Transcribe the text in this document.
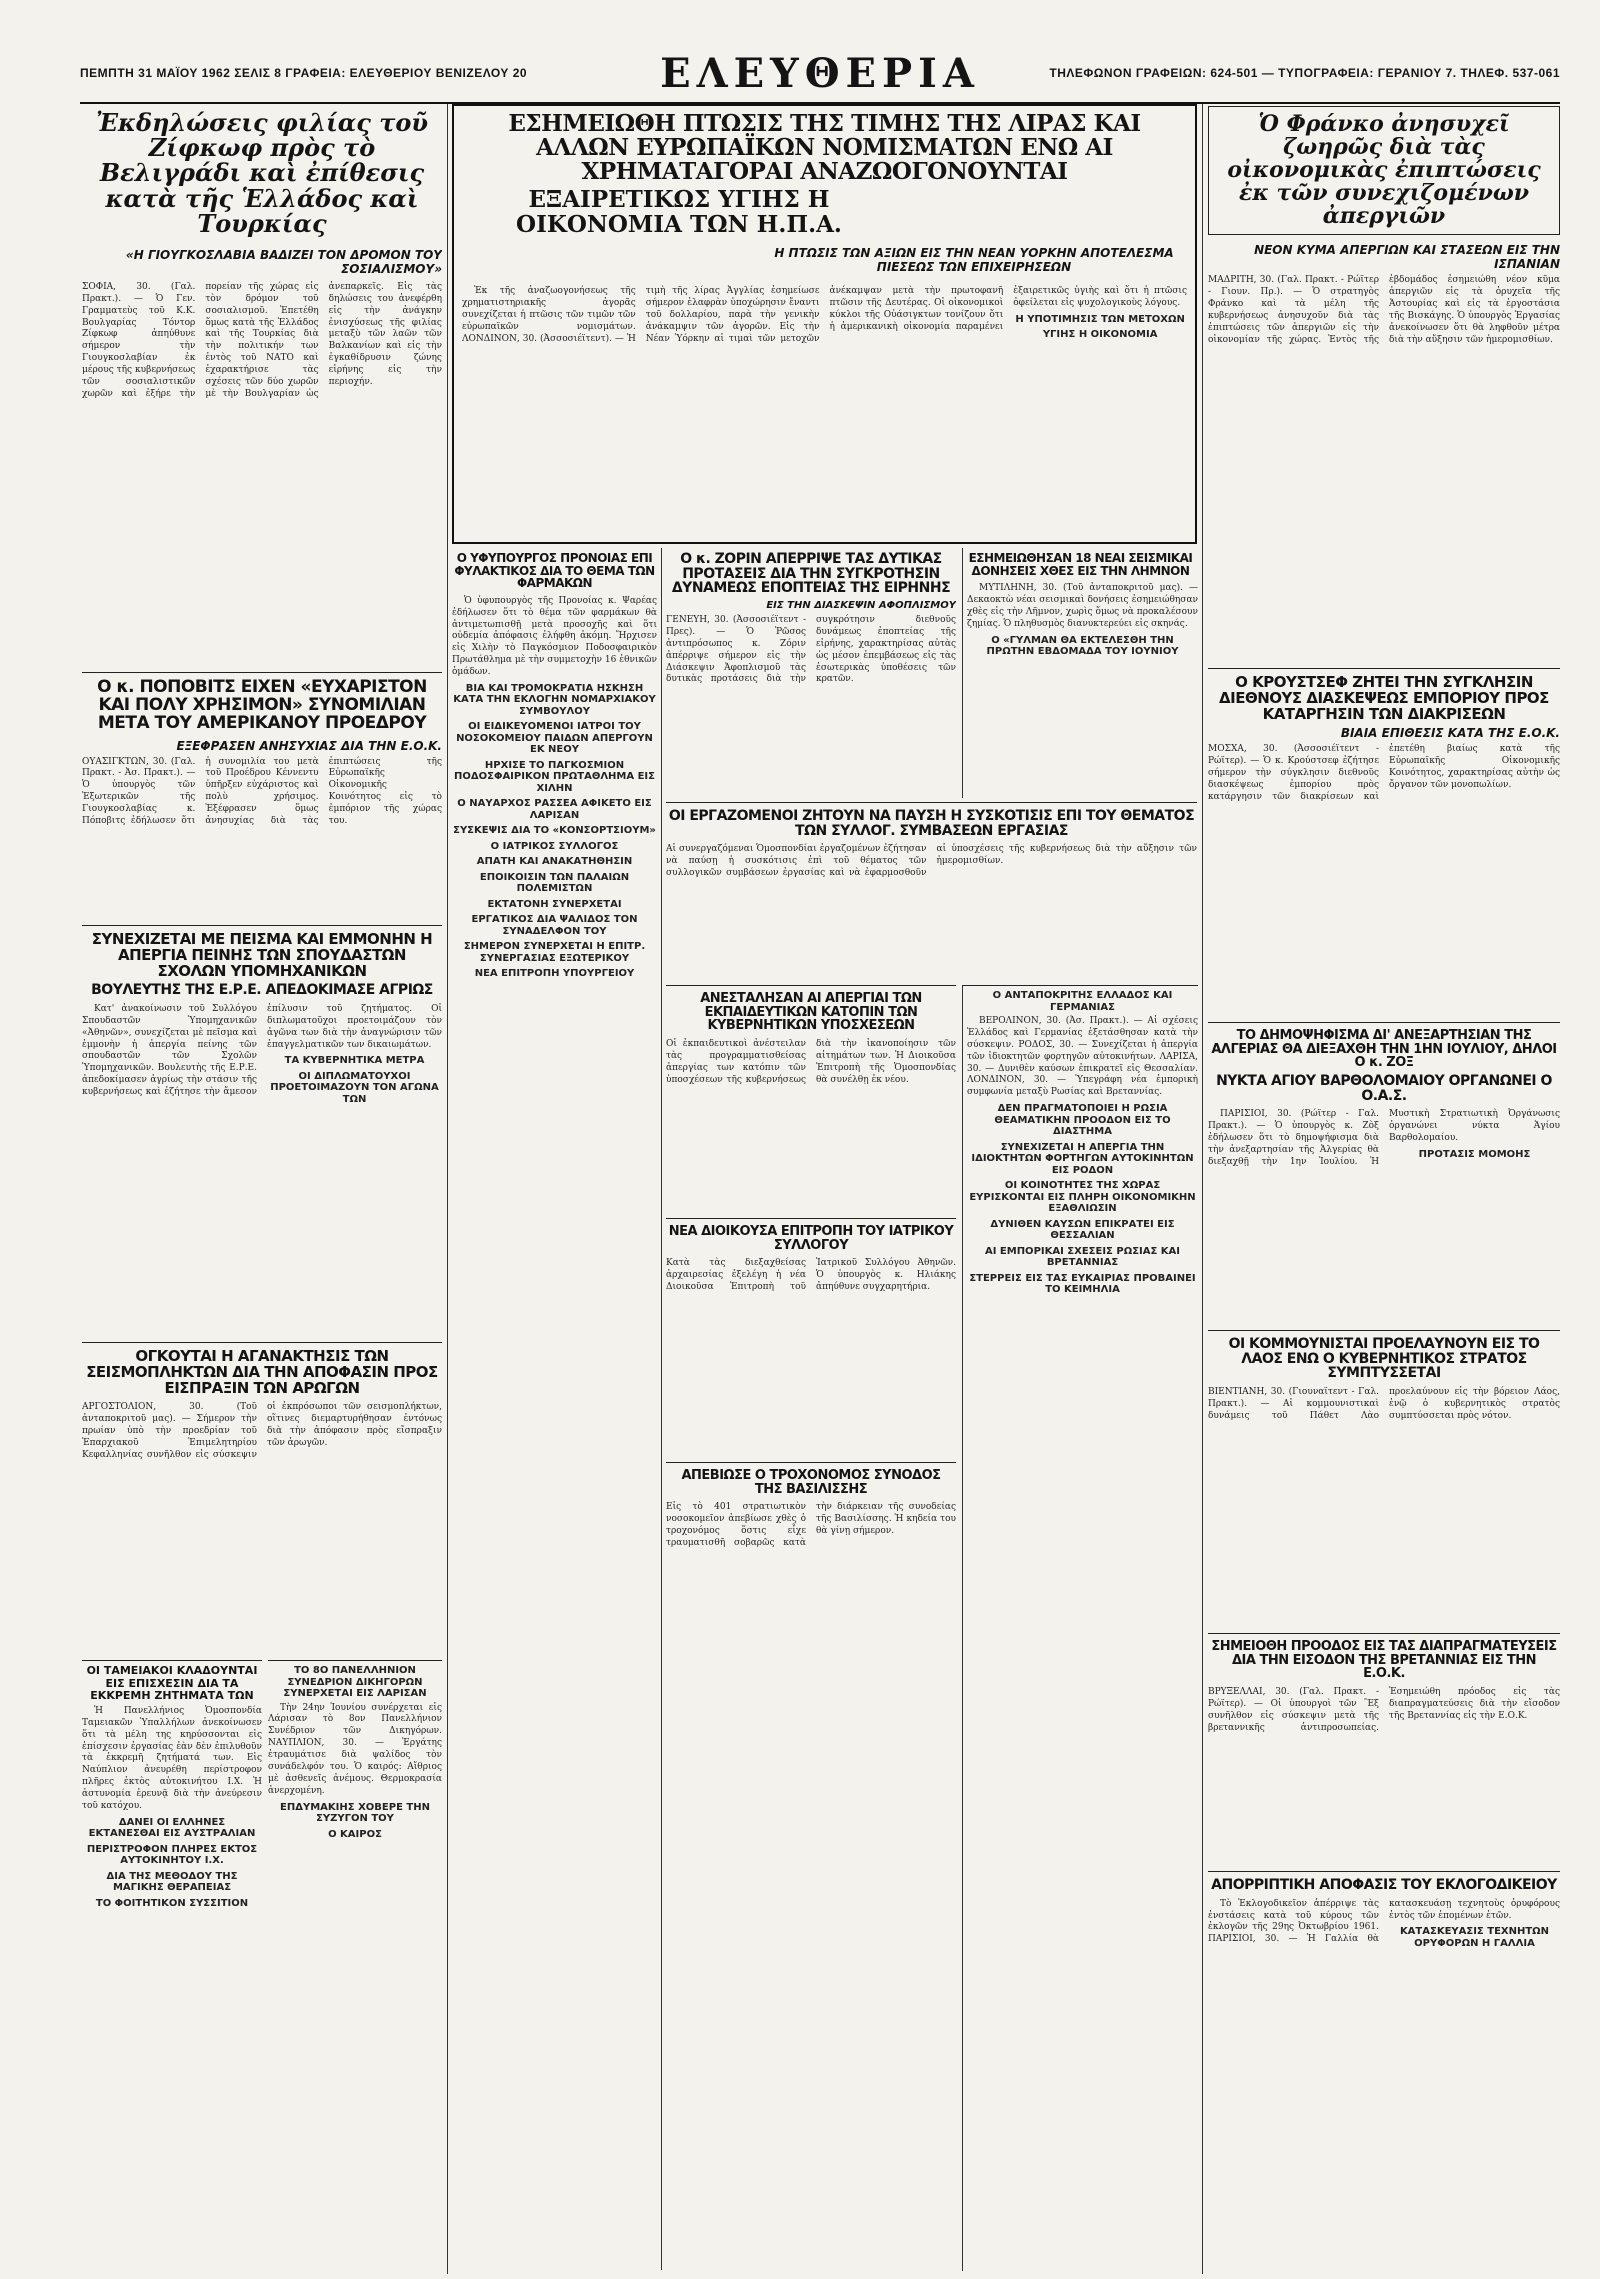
ΠΕΜΠΤΗ 31 ΜΑΪΟΥ 1962 ΣΕΛΙΣ 8 ΓΡΑΦΕΙΑ: ΕΛΕΥΘΕΡΙΟΥ ΒΕΝΙΖΕΛΟΥ 20	ΕΛΕΥΘΕΡΙΑ	ΤΗΛΕΦΩΝΟΝ ΓΡΑΦΕΙΩΝ: 624-501 — ΤΥΠΟΓΡΑΦΕΙΑ: ΓΕΡΑΝΙΟΥ 7. ΤΗΛΕΦ. 537-061
Ἐκδηλώσεις φιλίας τοῦ Ζίφκωφ πρὸς τὸ Βελιγράδι καὶ ἐπίθεσις κατὰ τῆς Ἑλλάδος καὶ Τουρκίας
«Η ΓΙΟΥΓΚΟΣΛΑΒΙΑ ΒΑΔΙΖΕΙ ΤΟΝ ΔΡΟΜΟΝ ΤΟΥ ΣΟΣΙΑΛΙΣΜΟΥ»
ΣΟΦΙΑ, 30. (Γαλ. Πρακτ.). — Ὁ Γεν. Γραμματεὺς τοῦ Κ.Κ. Βουλγαρίας Τόντορ Ζίφκωφ ἀπηύθυνε σήμερον τὴν Γιουγκοσλαβίαν ἐκ μέρους τῆς κυβερνήσεως τῶν σοσιαλιστικῶν χωρῶν καὶ ἐξήρε τὴν πορείαν τῆς χώρας εἰς τὸν δρόμον τοῦ σοσιαλισμοῦ. Ἐπετέθη ὅμως κατὰ τῆς Ἑλλάδος καὶ τῆς Τουρκίας διὰ τὴν πολιτικήν των ἐντὸς τοῦ ΝΑΤΟ καὶ ἐχαρακτήρισε τὰς σχέσεις τῶν δύο χωρῶν μὲ τὴν Βουλγαρίαν ὡς ἀνεπαρκεῖς. Εἰς τὰς δηλώσεις του ἀνεφέρθη εἰς τὴν ἀνάγκην ἐνισχύσεως τῆς φιλίας μεταξὺ τῶν λαῶν τῶν Βαλκανίων καὶ εἰς τὴν ἐγκαθίδρυσιν ζώνης εἰρήνης εἰς τὴν περιοχήν.
Ο κ. ΠΟΠΟΒΙΤΣ ΕΙΧΕΝ «ΕΥΧΑΡΙΣΤΟΝ ΚΑΙ ΠΟΛΥ ΧΡΗΣΙΜΟΝ» ΣΥΝΟΜΙΛΙΑΝ ΜΕΤΑ ΤΟΥ ΑΜΕΡΙΚΑΝΟΥ ΠΡΟΕΔΡΟΥ
ΕΞΕΦΡΑΣΕΝ ΑΝΗΣΥΧΙΑΣ ΔΙΑ ΤΗΝ Ε.Ο.Κ.
ΟΥΑΣΙΓΚΤΩΝ, 30. (Γαλ. Πρακτ. - Ἀσ. Πρακτ.). — Ὁ ὑπουργὸς τῶν Ἐξωτερικῶν τῆς Γιουγκοσλαβίας κ. Πόποβιτς ἐδήλωσεν ὅτι ἡ συνομιλία του μετὰ τοῦ Προέδρου Κέννεντυ ὑπῆρξεν εὐχάριστος καὶ πολὺ χρήσιμος. Ἐξέφρασεν ὅμως ἀνησυχίας διὰ τὰς ἐπιπτώσεις τῆς Εὐρωπαϊκῆς Οἰκονομικῆς Κοινότητος εἰς τὸ ἐμπόριον τῆς χώρας του.
ΣΥΝΕΧΙΖΕΤΑΙ ΜΕ ΠΕΙΣΜΑ ΚΑΙ ΕΜΜΟΝΗΝ Η ΑΠΕΡΓΙΑ ΠΕΙΝΗΣ ΤΩΝ ΣΠΟΥΔΑΣΤΩΝ ΣΧΟΛΩΝ ΥΠΟΜΗΧΑΝΙΚΩΝ
ΒΟΥΛΕΥΤΗΣ ΤΗΣ Ε.Ρ.Ε. ΑΠΕΔΟΚΙΜΑΣΕ ΑΓΡΙΩΣ

Κατ' ἀνακοίνωσιν τοῦ Συλλόγου Σπουδαστῶν Ὑπομηχανικῶν «Ἀθηνῶν», συνεχίζεται μὲ πεῖσμα καὶ ἐμμονὴν ἡ ἀπεργία πείνης τῶν σπουδαστῶν τῶν Σχολῶν Ὑπομηχανικῶν. Βουλευτὴς τῆς Ε.Ρ.Ε. ἀπεδοκίμασεν ἀγρίως τὴν στάσιν τῆς κυβερνήσεως καὶ ἐζήτησε τὴν ἄμεσον ἐπίλυσιν τοῦ ζητήματος. Οἱ διπλωματοῦχοι προετοιμάζουν τὸν ἀγῶνα των διὰ τὴν ἀναγνώρισιν τῶν ἐπαγγελματικῶν των δικαιωμάτων.

ΤΑ ΚΥΒΕΡΝΗΤΙΚΑ ΜΕΤΡΑ
ΟΙ ΔΙΠΛΩΜΑΤΟΥΧΟΙ ΠΡΟΕΤΟΙΜΑΖΟΥΝ ΤΟΝ ΑΓΩΝΑ ΤΩΝ
ΟΓΚΟΥΤΑΙ Η ΑΓΑΝΑΚΤΗΣΙΣ ΤΩΝ ΣΕΙΣΜΟΠΛΗΚΤΩΝ ΔΙΑ ΤΗΝ ΑΠΟΦΑΣΙΝ ΠΡΟΣ ΕΙΣΠΡΑΞΙΝ ΤΩΝ ΑΡΩΓΩΝ
ΑΡΓΟΣΤΟΛΙΟΝ, 30. (Τοῦ ἀνταποκριτοῦ μας). — Σήμερον τὴν πρωίαν ὑπὸ τὴν προεδρίαν τοῦ Ἐπαρχιακοῦ Ἐπιμελητηρίου Κεφαλληνίας συνῆλθον εἰς σύσκεψιν οἱ ἐκπρόσωποι τῶν σεισμοπλήκτων, οἵτινες διεμαρτυρήθησαν ἐντόνως διὰ τὴν ἀπόφασιν πρὸς εἴσπραξιν τῶν ἀρωγῶν.
ΟΙ ΤΑΜΕΙΑΚΟΙ ΚΛΑΔΟΥΝΤΑΙ ΕΙΣ ΕΠΙΣΧΕΣΙΝ ΔΙΑ ΤΑ ΕΚΚΡΕΜΗ ΖΗΤΗΜΑΤΑ ΤΩΝ

Ἡ Πανελλήνιος Ὁμοσπονδία Ταμειακῶν Ὑπαλλήλων ἀνεκοίνωσεν ὅτι τὰ μέλη της κηρύσσονται εἰς ἐπίσχεσιν ἐργασίας ἐὰν δὲν ἐπιλυθοῦν τὰ ἐκκρεμῆ ζητήματά των. Εἰς Ναύπλιον ἀνευρέθη περίστροφον πλῆρες ἐκτὸς αὐτοκινήτου Ι.Χ. Ἡ ἀστυνομία ἐρευνᾷ διὰ τὴν ἀνεύρεσιν τοῦ κατόχου.

ΔΑΝΕΙ ΟΙ ΕΛΛΗΝΕΣ ΕΚΤΑΝΕΣΘΑΙ ΕΙΣ ΑΥΣΤΡΑΛΙΑΝ
ΠΕΡΙΣΤΡΟΦΟΝ ΠΛΗΡΕΣ ΕΚΤΟΣ ΑΥΤΟΚΙΝΗΤΟΥ Ι.Χ.
ΔΙΑ ΤΗΣ ΜΕΘΟΔΟΥ ΤΗΣ ΜΑΓΙΚΗΣ ΘΕΡΑΠΕΙΑΣ
ΤΟ ΦΟΙΤΗΤΙΚΟΝ ΣΥΣΣΙΤΙΟΝ
ΤΟ 8Ο ΠΑΝΕΛΛΗΝΙΟΝ ΣΥΝΕΔΡΙΟΝ ΔΙΚΗΓΟΡΩΝ ΣΥΝΕΡΧΕΤΑΙ ΕΙΣ ΛΑΡΙΣΑΝ

Τὴν 24ην Ἰουνίου συνέρχεται εἰς Λάρισαν τὸ 8ον Πανελλήνιον Συνέδριον τῶν Δικηγόρων. ΝΑΥΠΛΙΟΝ, 30. — Ἐργάτης ἐτραυμάτισε διὰ ψαλίδος τὸν συνάδελφόν του. Ὁ καιρός: Αἴθριος μὲ ἀσθενεῖς ἀνέμους. Θερμοκρασία ἀνερχομένη.

ΕΠΔΥΜΑΚΙΗΣ ΧΟΒΕΡΕ ΤΗΝ ΣΥΖΥΓΟΝ ΤΟΥ
Ο ΚΑΙΡΟΣ
ΕΣΗΜΕΙΩΘΗ ΠΤΩΣΙΣ ΤΗΣ ΤΙΜΗΣ ΤΗΣ ΛΙΡΑΣ ΚΑΙ ΑΛΛΩΝ ΕΥΡΩΠΑΪΚΩΝ ΝΟΜΙΣΜΑΤΩΝ ΕΝΩ ΑΙ ΧΡΗΜΑΤΑΓΟΡΑΙ ΑΝΑΖΩΟΓΟΝΟΥΝΤΑΙ
ΕΞΑΙΡΕΤΙΚΩΣ ΥΓΙΗΣ Η ΟΙΚΟΝΟΜΙΑ ΤΩΝ Η.Π.Α.
Η ΠΤΩΣΙΣ ΤΩΝ ΑΞΙΩΝ ΕΙΣ ΤΗΝ ΝΕΑΝ ΥΟΡΚΗΝ ΑΠΟΤΕΛΕΣΜΑ ΠΙΕΣΕΩΣ ΤΩΝ ΕΠΙΧΕΙΡΗΣΕΩΝ

Ἐκ τῆς ἀναζωογονήσεως τῆς χρηματιστηριακῆς ἀγορᾶς συνεχίζεται ἡ πτῶσις τῶν τιμῶν τῶν εὐρωπαϊκῶν νομισμάτων. ΛΟΝΔΙΝΟΝ, 30. (Ἀσσοσιέϊτεντ). — Ἡ τιμὴ τῆς λίρας Ἀγγλίας ἐσημείωσε σήμερον ἐλαφρὰν ὑποχώρησιν ἔναντι τοῦ δολλαρίου, παρὰ τὴν γενικὴν ἀνάκαμψιν τῶν ἀγορῶν. Εἰς τὴν Νέαν Ὑόρκην αἱ τιμαὶ τῶν μετοχῶν ἀνέκαμψαν μετὰ τὴν πρωτοφανῆ πτῶσιν τῆς Δευτέρας. Οἱ οἰκονομικοὶ κύκλοι τῆς Οὐάσιγκτων τονίζουν ὅτι ἡ ἀμερικανικὴ οἰκονομία παραμένει ἐξαιρετικῶς ὑγιὴς καὶ ὅτι ἡ πτῶσις ὀφείλεται εἰς ψυχολογικοὺς λόγους.

Η ΥΠΟΤΙΜΗΣΙΣ ΤΩΝ ΜΕΤΟΧΩΝ
ΥΓΙΗΣ Η ΟΙΚΟΝΟΜΙΑ
Ο ΥΦΥΠΟΥΡΓΟΣ ΠΡΟΝΟΙΑΣ ΕΠΙ ΦΥΛΑΚΤΙΚΟΣ ΔΙΑ ΤΟ ΘΕΜΑ ΤΩΝ ΦΑΡΜΑΚΩΝ

Ὁ ὑφυπουργὸς τῆς Προνοίας κ. Ψαρέας ἐδήλωσεν ὅτι τὸ θέμα τῶν φαρμάκων θὰ ἀντιμετωπισθῇ μετὰ προσοχῆς καὶ ὅτι οὐδεμία ἀπόφασις ἐλήφθη ἀκόμη. Ἤρχισεν εἰς Χιλὴν τὸ Παγκόσμιον Ποδοσφαιρικὸν Πρωτάθλημα μὲ τὴν συμμετοχὴν 16 ἐθνικῶν ὁμάδων.

ΒΙΑ ΚΑΙ ΤΡΟΜΟΚΡΑΤΙΑ ΗΣΚΗΣΗ ΚΑΤΑ ΤΗΝ ΕΚΛΟΓΗΝ ΝΟΜΑΡΧΙΑΚΟΥ ΣΥΜΒΟΥΛΟΥ
ΟΙ ΕΙΔΙΚΕΥΟΜΕΝΟΙ ΙΑΤΡΟΙ ΤΟΥ ΝΟΣΟΚΟΜΕΙΟΥ ΠΑΙΔΩΝ ΑΠΕΡΓΟΥΝ ΕΚ ΝΕΟΥ
ΗΡΧΙΣΕ ΤΟ ΠΑΓΚΟΣΜΙΟΝ ΠΟΔΟΣΦΑΙΡΙΚΟΝ ΠΡΩΤΑΘΛΗΜΑ ΕΙΣ ΧΙΛΗΝ
Ο ΝΑΥΑΡΧΟΣ ΡΑΣΣΕΑ ΑΦΙΚΕΤΟ ΕΙΣ ΛΑΡΙΣΑΝ
ΣΥΣΚΕΨΙΣ ΔΙΑ ΤΟ «ΚΟΝΣΟΡΤΣΙΟΥΜ»
Ο ΙΑΤΡΙΚΟΣ ΣΥΛΛΟΓΟΣ
ΑΠΑΤΗ ΚΑΙ ΑΝΑΚΑΤΗΘΗΣΙΝ
ΕΠΟΙΚΟΙΣΙΝ ΤΩΝ ΠΑΛΑΙΩΝ ΠΟΛΕΜΙΣΤΩΝ
ΕΚΤΑΤΟΝΗ ΣΥΝΕΡΧΕΤΑΙ
ΕΡΓΑΤΙΚΟΣ ΔΙΑ ΨΑΛΙΔΟΣ ΤΟΝ ΣΥΝΑΔΕΛΦΟΝ ΤΟΥ
ΣΗΜΕΡΟΝ ΣΥΝΕΡΧΕΤΑΙ Η ΕΠΙΤΡ. ΣΥΝΕΡΓΑΣΙΑΣ ΕΞΩΤΕΡΙΚΟΥ
ΝΕΑ ΕΠΙΤΡΟΠΗ ΥΠΟΥΡΓΕΙΟΥ
Ο κ. ΖΟΡΙΝ ΑΠΕΡΡΙΨΕ ΤΑΣ ΔΥΤΙΚΑΣ ΠΡΟΤΑΣΕΙΣ ΔΙΑ ΤΗΝ ΣΥΓΚΡΟΤΗΣΙΝ ΔΥΝΑΜΕΩΣ ΕΠΟΠΤΕΙΑΣ ΤΗΣ ΕΙΡΗΝΗΣ
ΕΙΣ ΤΗΝ ΔΙΑΣΚΕΨΙΝ ΑΦΟΠΛΙΣΜΟΥ
ΓΕΝΕΥΗ, 30. (Ἀσσοσιέϊτεντ - Πρες). — Ὁ Ῥῶσος ἀντιπρόσωπος κ. Ζόριν ἀπέρριψε σήμερον εἰς τὴν Διάσκεψιν Ἀφοπλισμοῦ τὰς δυτικὰς προτάσεις διὰ τὴν συγκρότησιν διεθνοῦς δυνάμεως ἐποπτείας τῆς εἰρήνης, χαρακτηρίσας αὐτὰς ὡς μέσον ἐπεμβάσεως εἰς τὰς ἐσωτερικὰς ὑποθέσεις τῶν κρατῶν.
ΕΣΗΜΕΙΩΘΗΣΑΝ 18 ΝΕΑΙ ΣΕΙΣΜΙΚΑΙ ΔΟΝΗΣΕΙΣ ΧΘΕΣ ΕΙΣ ΤΗΝ ΛΗΜΝΟΝ

ΜΥΤΙΛΗΝΗ, 30. (Τοῦ ἀνταποκριτοῦ μας). — Δεκαοκτὼ νέαι σεισμικαὶ δονήσεις ἐσημειώθησαν χθὲς εἰς τὴν Λῆμνον, χωρὶς ὅμως νὰ προκαλέσουν ζημίας. Ὁ πληθυσμὸς διανυκτερεύει εἰς σκηνάς.

Ο «ΓΥΛΜΑΝ ΘΑ ΕΚΤΕΛΕΣΘΗ ΤΗΝ ΠΡΩΤΗΝ ΕΒΔΟΜΑΔΑ ΤΟΥ ΙΟΥΝΙΟΥ
ΟΙ ΕΡΓΑΖΟΜΕΝΟΙ ΖΗΤΟΥΝ ΝΑ ΠΑΥΣΗ Η ΣΥΣΚΟΤΙΣΙΣ ΕΠΙ ΤΟΥ ΘΕΜΑΤΟΣ ΤΩΝ ΣΥΛΛΟΓ. ΣΥΜΒΑΣΕΩΝ ΕΡΓΑΣΙΑΣ
Αἱ συνεργαζόμεναι Ὁμοσπονδίαι ἐργαζομένων ἐζήτησαν νὰ παύσῃ ἡ συσκότισις ἐπὶ τοῦ θέματος τῶν συλλογικῶν συμβάσεων ἐργασίας καὶ νὰ ἐφαρμοσθοῦν αἱ ὑποσχέσεις τῆς κυβερνήσεως διὰ τὴν αὔξησιν τῶν ἡμερομισθίων.
ΑΝΕΣΤΑΛΗΣΑΝ ΑΙ ΑΠΕΡΓΙΑΙ ΤΩΝ ΕΚΠΑΙΔΕΥΤΙΚΩΝ ΚΑΤΟΠΙΝ ΤΩΝ ΚΥΒΕΡΝΗΤΙΚΩΝ ΥΠΟΣΧΕΣΕΩΝ
Οἱ ἐκπαιδευτικοὶ ἀνέστειλαν τὰς προγραμματισθείσας ἀπεργίας των κατόπιν τῶν ὑποσχέσεων τῆς κυβερνήσεως διὰ τὴν ἱκανοποίησιν τῶν αἰτημάτων των. Ἡ Διοικοῦσα Ἐπιτροπὴ τῆς Ὁμοσπονδίας θὰ συνέλθῃ ἐκ νέου.
ΝΕΑ ΔΙΟΙΚΟΥΣΑ ΕΠΙΤΡΟΠΗ ΤΟΥ ΙΑΤΡΙΚΟΥ ΣΥΛΛΟΓΟΥ
Κατὰ τὰς διεξαχθείσας ἀρχαιρεσίας ἐξελέγη ἡ νέα Διοικοῦσα Ἐπιτροπὴ τοῦ Ἰατρικοῦ Συλλόγου Ἀθηνῶν. Ὁ ὑπουργὸς κ. Ηλιάκης ἀπηύθυνε συγχαρητήρια.
ΑΠΕΒΙΩΣΕ Ο ΤΡΟΧΟΝΟΜΟΣ ΣΥΝΟΔΟΣ ΤΗΣ ΒΑΣΙΛΙΣΣΗΣ
Εἰς τὸ 401 στρατιωτικὸν νοσοκομεῖον ἀπεβίωσε χθὲς ὁ τροχονόμος ὅστις εἶχε τραυματισθῆ σοβαρῶς κατὰ τὴν διάρκειαν τῆς συνοδείας τῆς Βασιλίσσης. Ἡ κηδεία του θὰ γίνῃ σήμερον.
Ο ΑΝΤΑΠΟΚΡΙΤΗΣ ΕΛΛΑΔΟΣ ΚΑΙ ΓΕΡΜΑΝΙΑΣ

ΒΕΡΟΛΙΝΟΝ, 30. (Ἀσ. Πρακτ.). — Αἱ σχέσεις Ἑλλάδος καὶ Γερμανίας ἐξετάσθησαν κατὰ τὴν σύσκεψιν. ΡΟΔΟΣ, 30. — Συνεχίζεται ἡ ἀπεργία τῶν ἰδιοκτητῶν φορτηγῶν αὐτοκινήτων. ΛΑΡΙΣΑ, 30. — Δυνιθὲν καύσων ἐπικρατεῖ εἰς Θεσσαλίαν. ΛΟΝΔΙΝΟΝ, 30. — Ὑπεγράφη νέα ἐμπορικὴ συμφωνία μεταξὺ Ρωσίας καὶ Βρεταννίας.

ΔΕΝ ΠΡΑΓΜΑΤΟΠΟΙΕΙ Η ΡΩΣΙΑ ΘΕΑΜΑΤΙΚΗΝ ΠΡΟΟΔΟΝ ΕΙΣ ΤΟ ΔΙΑΣΤΗΜΑ
ΣΥΝΕΧΙΖΕΤΑΙ Η ΑΠΕΡΓΙΑ ΤΗΝ ΙΔΙΟΚΤΗΤΩΝ ΦΟΡΤΗΓΩΝ ΑΥΤΟΚΙΝΗΤΩΝ ΕΙΣ ΡΟΔΟΝ
ΟΙ ΚΟΙΝΟΤΗΤΕΣ ΤΗΣ ΧΩΡΑΣ ΕΥΡΙΣΚΟΝΤΑΙ ΕΙΣ ΠΛΗΡΗ ΟΙΚΟΝΟΜΙΚΗΝ ΕΞΑΘΛΙΩΣΙΝ
ΔΥΝΙΘΕΝ ΚΑΥΣΩΝ ΕΠΙΚΡΑΤΕΙ ΕΙΣ ΘΕΣΣΑΛΙΑΝ
ΑΙ ΕΜΠΟΡΙΚΑΙ ΣΧΕΣΕΙΣ ΡΩΣΙΑΣ ΚΑΙ ΒΡΕΤΑΝΝΙΑΣ
ΣΤΕΡΡΕΙΣ ΕΙΣ ΤΑΣ ΕΥΚΑΙΡΙΑΣ ΠΡΟΒΑΙΝΕΙ ΤΟ ΚΕΙΜΗΛΙΑ
Ὁ Φράνκο ἀνησυχεῖ ζωηρῶς διὰ τὰς οἰκονομικὰς ἐπιπτώσεις ἐκ τῶν συνεχιζομένων ἀπεργιῶν
ΝΕΟΝ ΚΥΜΑ ΑΠΕΡΓΙΩΝ ΚΑΙ ΣΤΑΣΕΩΝ ΕΙΣ ΤΗΝ ΙΣΠΑΝΙΑΝ
ΜΑΔΡΙΤΗ, 30. (Γαλ. Πρακτ. - Ρώϊτερ - Γιουν. Πρ.). — Ὁ στρατηγὸς Φράνκο καὶ τὰ μέλη τῆς κυβερνήσεως ἀνησυχοῦν διὰ τὰς ἐπιπτώσεις τῶν ἀπεργιῶν εἰς τὴν οἰκονομίαν τῆς χώρας. Ἐντὸς τῆς ἑβδομάδος ἐσημειώθη νέον κῦμα ἀπεργιῶν εἰς τὰ ὀρυχεῖα τῆς Ἀστουρίας καὶ εἰς τὰ ἐργοστάσια τῆς Βισκάγης. Ὁ ὑπουργὸς Ἐργασίας ἀνεκοίνωσεν ὅτι θὰ ληφθοῦν μέτρα διὰ τὴν αὔξησιν τῶν ἡμερομισθίων.
Ο ΚΡΟΥΣΤΣΕΦ ΖΗΤΕΙ ΤΗΝ ΣΥΓΚΛΗΣΙΝ ΔΙΕΘΝΟΥΣ ΔΙΑΣΚΕΨΕΩΣ ΕΜΠΟΡΙΟΥ ΠΡΟΣ ΚΑΤΑΡΓΗΣΙΝ ΤΩΝ ΔΙΑΚΡΙΣΕΩΝ
ΒΙΑΙΑ ΕΠΙΘΕΣΙΣ ΚΑΤΑ ΤΗΣ Ε.Ο.Κ.
ΜΟΣΧΑ, 30. (Ἀσσοσιέϊτεντ - Ρώϊτερ). — Ὁ κ. Κρούστσεφ ἐζήτησε σήμερον τὴν σύγκλησιν διεθνοῦς διασκέψεως ἐμπορίου πρὸς κατάργησιν τῶν διακρίσεων καὶ ἐπετέθη βιαίως κατὰ τῆς Εὐρωπαϊκῆς Οἰκονομικῆς Κοινότητος, χαρακτηρίσας αὐτὴν ὡς ὄργανον τῶν μονοπωλίων.
ΤΟ ΔΗΜΟΨΗΦΙΣΜΑ ΔΙ' ΑΝΕΞΑΡΤΗΣΙΑΝ ΤΗΣ ΑΛΓΕΡΙΑΣ ΘΑ ΔΙΕΞΑΧΘΗ ΤΗΝ 1ΗΝ ΙΟΥΛΙΟΥ, ΔΗΛΟΙ Ο κ. ΖΟΞ
ΝΥΚΤΑ ΑΓΙΟΥ ΒΑΡΘΟΛΟΜΑΙΟΥ ΟΡΓΑΝΩΝΕΙ Ο Ο.Α.Σ.

ΠΑΡΙΣΙΟΙ, 30. (Ρώϊτερ - Γαλ. Πρακτ.). — Ὁ ὑπουργὸς κ. Ζὸξ ἐδήλωσεν ὅτι τὸ δημοψήφισμα διὰ τὴν ἀνεξαρτησίαν τῆς Ἀλγερίας θὰ διεξαχθῇ τὴν 1ην Ἰουλίου. Ἡ Μυστικὴ Στρατιωτικὴ Ὀργάνωσις ὀργανώνει νύκτα Ἁγίου Βαρθολομαίου.

ΠΡΟΤΑΣΙΣ ΜΟΜΟΗΣ
ΟΙ ΚΟΜΜΟΥΝΙΣΤΑΙ ΠΡΟΕΛΑΥΝΟΥΝ ΕΙΣ ΤΟ ΛΑΟΣ ΕΝΩ Ο ΚΥΒΕΡΝΗΤΙΚΟΣ ΣΤΡΑΤΟΣ ΣΥΜΠΤΥΣΣΕΤΑΙ
ΒΙΕΝΤΙΑΝΗ, 30. (Γιουναϊτεντ - Γαλ. Πρακτ.). — Αἱ κομμουνιστικαὶ δυνάμεις τοῦ Πάθετ Λὰο προελαύνουν εἰς τὴν βόρειον Λάος, ἐνῷ ὁ κυβερνητικὸς στρατὸς συμπτύσσεται πρὸς νότον.
ΣΗΜΕΙΟΘΗ ΠΡΟΟΔΟΣ ΕΙΣ ΤΑΣ ΔΙΑΠΡΑΓΜΑΤΕΥΣΕΙΣ ΔΙΑ ΤΗΝ ΕΙΣΟΔΟΝ ΤΗΣ ΒΡΕΤΑΝΝΙΑΣ ΕΙΣ ΤΗΝ Ε.Ο.Κ.
ΒΡΥΞΕΛΛΑΙ, 30. (Γαλ. Πρακτ. - Ρώϊτερ). — Οἱ ὑπουργοὶ τῶν Ἓξ συνῆλθον εἰς σύσκεψιν μετὰ τῆς βρεταννικῆς ἀντιπροσωπείας. Ἐσημειώθη πρόοδος εἰς τὰς διαπραγματεύσεις διὰ τὴν εἴσοδον τῆς Βρεταννίας εἰς τὴν Ε.Ο.Κ.
ΑΠΟΡΡΙΠΤΙΚΗ ΑΠΟΦΑΣΙΣ ΤΟΥ ΕΚΛΟΓΟΔΙΚΕΙΟΥ

Τὸ Ἐκλογοδικεῖον ἀπέρριψε τὰς ἐνστάσεις κατὰ τοῦ κύρους τῶν ἐκλογῶν τῆς 29ης Ὀκτωβρίου 1961. ΠΑΡΙΣΙΟΙ, 30. — Ἡ Γαλλία θὰ κατασκευάσῃ τεχνητοὺς ὀρυφόρους ἐντὸς τῶν ἑπομένων ἐτῶν.

ΚΑΤΑΣΚΕΥΑΣΙΣ ΤΕΧΝΗΤΩΝ ΟΡΥΦΟΡΩΝ Η ΓΑΛΛΙΑ
